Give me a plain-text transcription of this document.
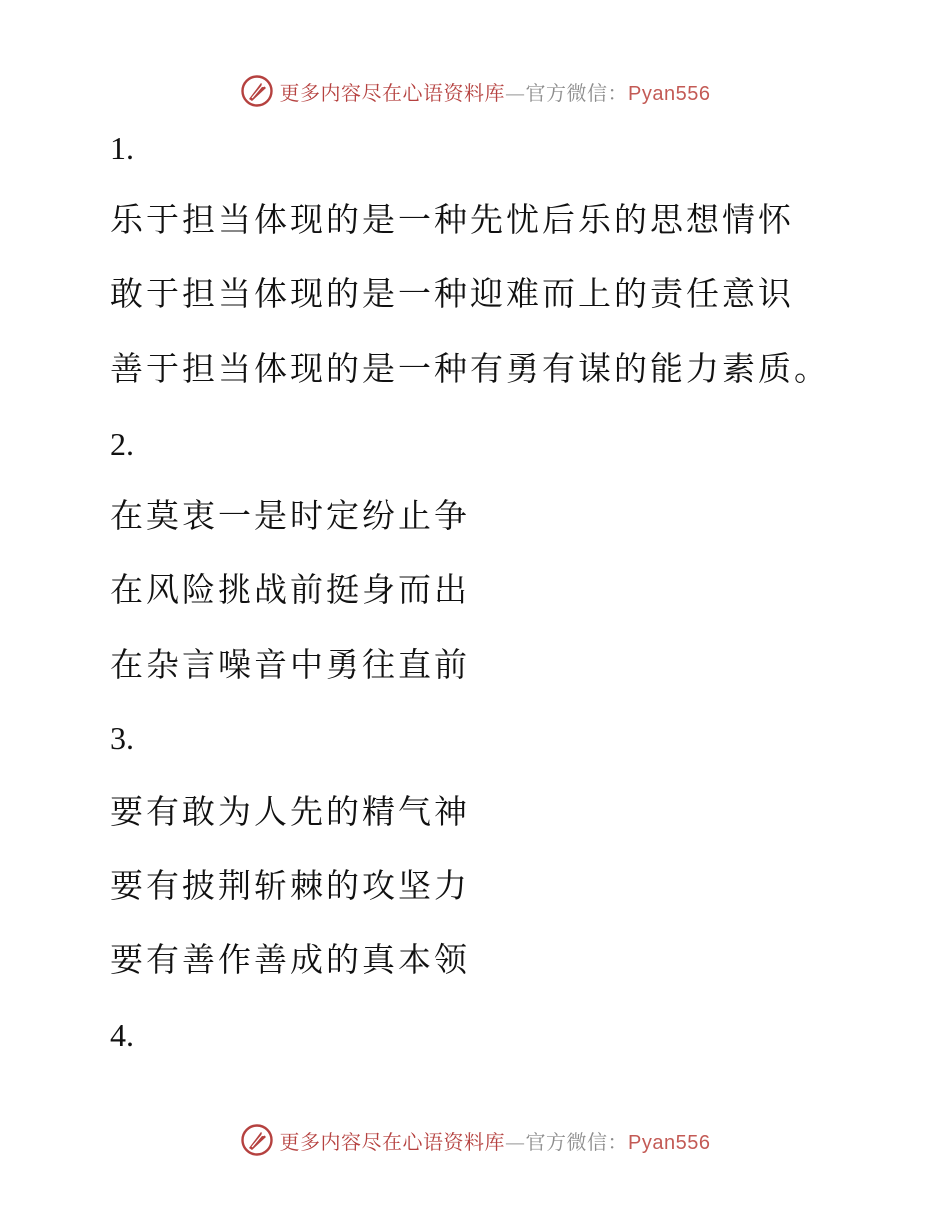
更多内容尽在心语资料库—官方微信：Pyan556

1.

乐于担当体现的是一种先忧后乐的思想情怀

敢于担当体现的是一种迎难而上的责任意识

善于担当体现的是一种有勇有谋的能力素质。

2.

在莫衷一是时定纷止争

在风险挑战前挺身而出

在杂言噪音中勇往直前

3.

要有敢为人先的精气神

要有披荆斩棘的攻坚力

要有善作善成的真本领

4.

更多内容尽在心语资料库—官方微信：Pyan556
